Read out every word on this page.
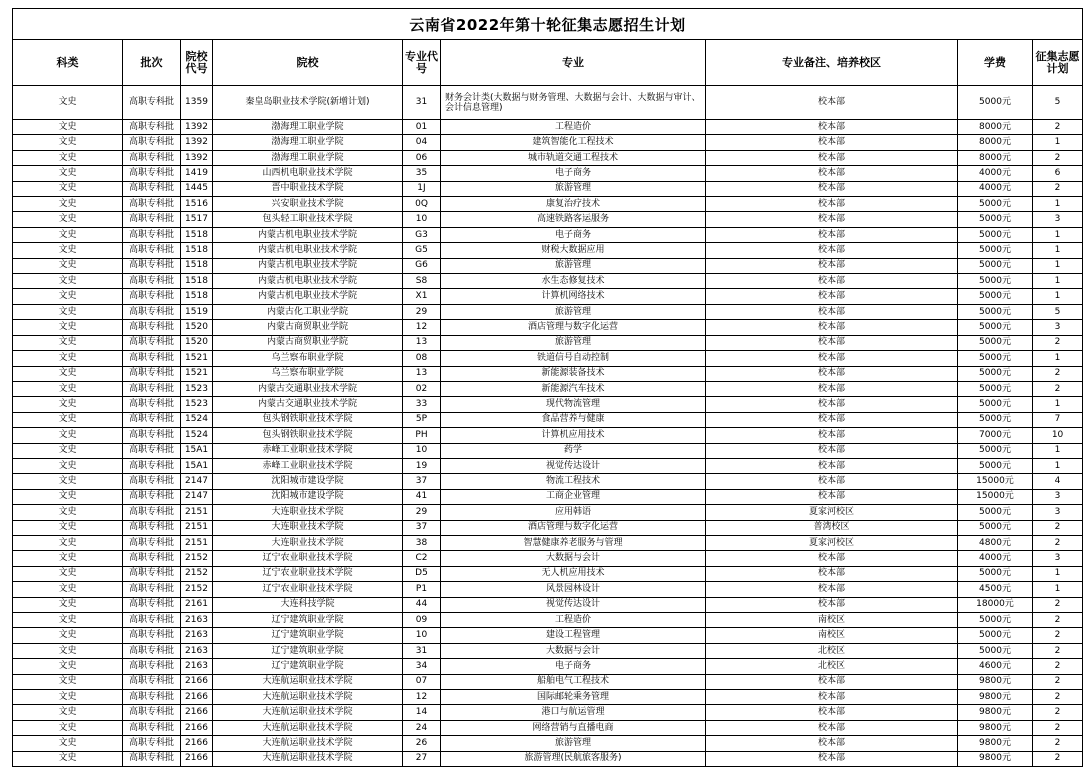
云南省2022年第十轮征集志愿招生计划								
科类	批次	院校代号	院校	专业代号	专业	专业备注、培养校区	学费	征集志愿计划
文史	高职专科批	1359	秦皇岛职业技术学院(新增计划)	31	财务会计类(大数据与财务管理、大数据与会计、大数据与审计、会计信息管理)	校本部	5000元	5
文史	高职专科批	1392	渤海理工职业学院	01	工程造价	校本部	8000元	2
文史	高职专科批	1392	渤海理工职业学院	04	建筑智能化工程技术	校本部	8000元	1
文史	高职专科批	1392	渤海理工职业学院	06	城市轨道交通工程技术	校本部	8000元	2
文史	高职专科批	1419	山西机电职业技术学院	35	电子商务	校本部	4000元	6
文史	高职专科批	1445	晋中职业技术学院	1J	旅游管理	校本部	4000元	2
文史	高职专科批	1516	兴安职业技术学院	0Q	康复治疗技术	校本部	5000元	1
文史	高职专科批	1517	包头轻工职业技术学院	10	高速铁路客运服务	校本部	5000元	3
文史	高职专科批	1518	内蒙古机电职业技术学院	G3	电子商务	校本部	5000元	1
文史	高职专科批	1518	内蒙古机电职业技术学院	G5	财税大数据应用	校本部	5000元	1
文史	高职专科批	1518	内蒙古机电职业技术学院	G6	旅游管理	校本部	5000元	1
文史	高职专科批	1518	内蒙古机电职业技术学院	S8	水生态修复技术	校本部	5000元	1
文史	高职专科批	1518	内蒙古机电职业技术学院	X1	计算机网络技术	校本部	5000元	1
文史	高职专科批	1519	内蒙古化工职业学院	29	旅游管理	校本部	5000元	5
文史	高职专科批	1520	内蒙古商贸职业学院	12	酒店管理与数字化运营	校本部	5000元	3
文史	高职专科批	1520	内蒙古商贸职业学院	13	旅游管理	校本部	5000元	2
文史	高职专科批	1521	乌兰察布职业学院	08	铁道信号自动控制	校本部	5000元	1
文史	高职专科批	1521	乌兰察布职业学院	13	新能源装备技术	校本部	5000元	2
文史	高职专科批	1523	内蒙古交通职业技术学院	02	新能源汽车技术	校本部	5000元	2
文史	高职专科批	1523	内蒙古交通职业技术学院	33	现代物流管理	校本部	5000元	1
文史	高职专科批	1524	包头钢铁职业技术学院	5P	食品营养与健康	校本部	5000元	7
文史	高职专科批	1524	包头钢铁职业技术学院	PH	计算机应用技术	校本部	7000元	10
文史	高职专科批	15A1	赤峰工业职业技术学院	10	药学	校本部	5000元	1
文史	高职专科批	15A1	赤峰工业职业技术学院	19	视觉传达设计	校本部	5000元	1
文史	高职专科批	2147	沈阳城市建设学院	37	物流工程技术	校本部	15000元	4
文史	高职专科批	2147	沈阳城市建设学院	41	工商企业管理	校本部	15000元	3
文史	高职专科批	2151	大连职业技术学院	29	应用韩语	夏家河校区	5000元	3
文史	高职专科批	2151	大连职业技术学院	37	酒店管理与数字化运营	普湾校区	5000元	2
文史	高职专科批	2151	大连职业技术学院	38	智慧健康养老服务与管理	夏家河校区	4800元	2
文史	高职专科批	2152	辽宁农业职业技术学院	C2	大数据与会计	校本部	4000元	3
文史	高职专科批	2152	辽宁农业职业技术学院	D5	无人机应用技术	校本部	5000元	1
文史	高职专科批	2152	辽宁农业职业技术学院	P1	风景园林设计	校本部	4500元	1
文史	高职专科批	2161	大连科技学院	44	视觉传达设计	校本部	18000元	2
文史	高职专科批	2163	辽宁建筑职业学院	09	工程造价	南校区	5000元	2
文史	高职专科批	2163	辽宁建筑职业学院	10	建设工程管理	南校区	5000元	2
文史	高职专科批	2163	辽宁建筑职业学院	31	大数据与会计	北校区	5000元	2
文史	高职专科批	2163	辽宁建筑职业学院	34	电子商务	北校区	4600元	2
文史	高职专科批	2166	大连航运职业技术学院	07	船舶电气工程技术	校本部	9800元	2
文史	高职专科批	2166	大连航运职业技术学院	12	国际邮轮乘务管理	校本部	9800元	2
文史	高职专科批	2166	大连航运职业技术学院	14	港口与航运管理	校本部	9800元	2
文史	高职专科批	2166	大连航运职业技术学院	24	网络营销与直播电商	校本部	9800元	2
文史	高职专科批	2166	大连航运职业技术学院	26	旅游管理	校本部	9800元	2
文史	高职专科批	2166	大连航运职业技术学院	27	旅游管理(民航旅客服务)	校本部	9800元	2
